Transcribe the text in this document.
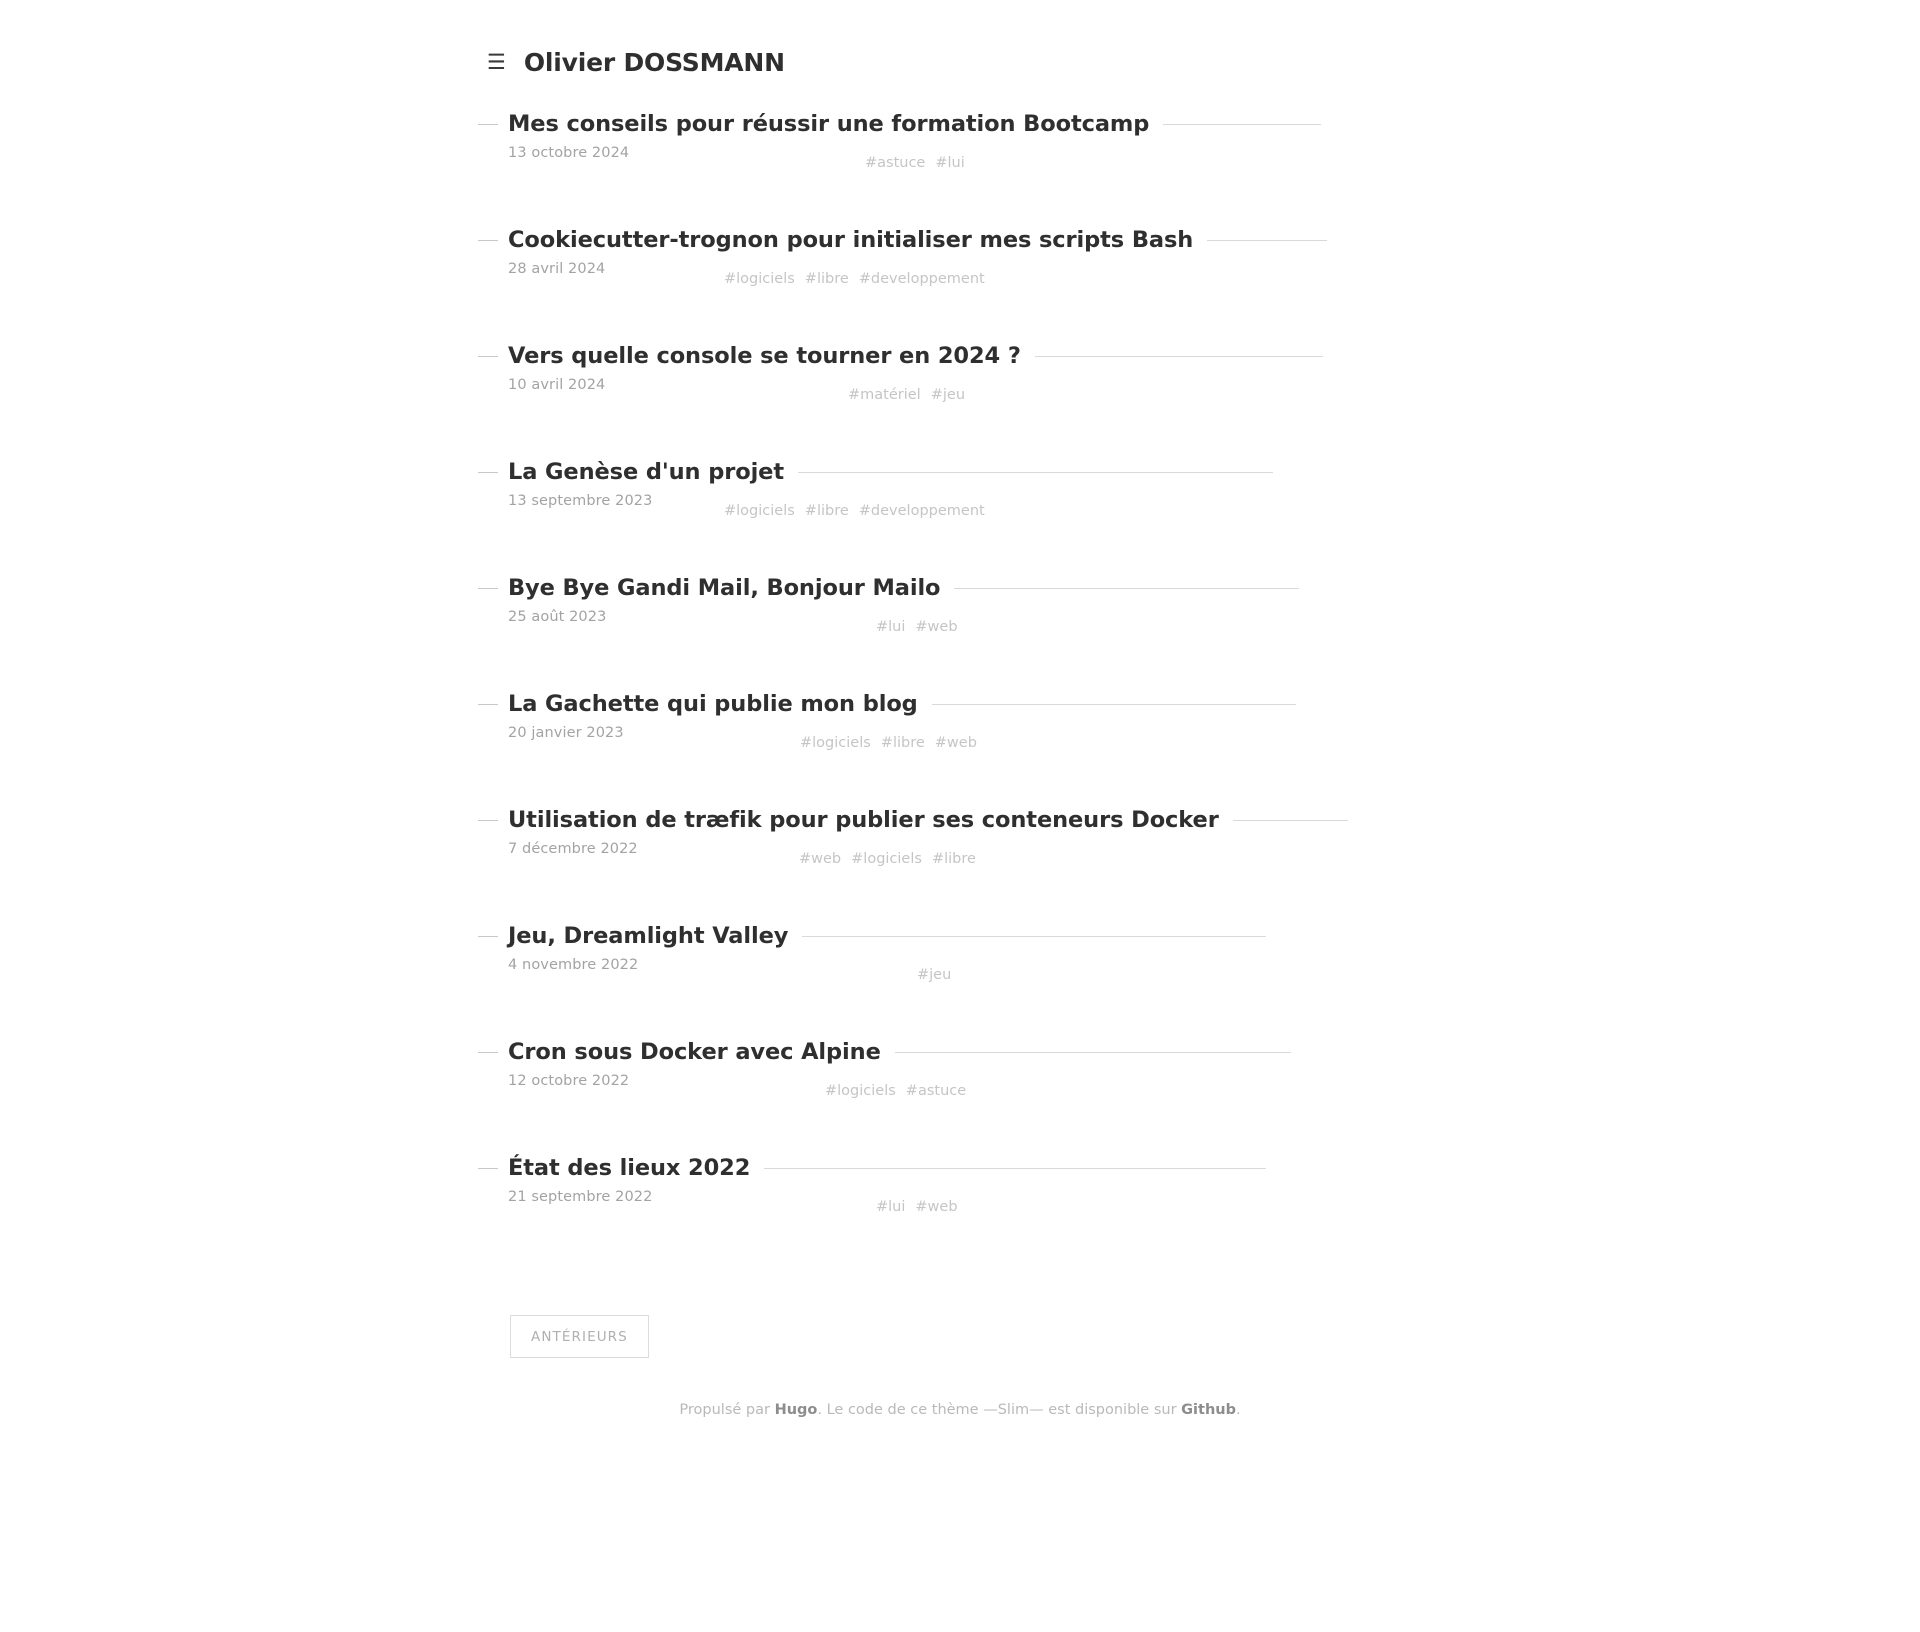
☰ Olivier DOSSMANN
Mes conseils pour réussir une formation Bootcamp
13 octobre 2024
#astuce #lui
Cookiecutter-trognon pour initialiser mes scripts Bash
28 avril 2024
#logiciels #libre #developpement
Vers quelle console se tourner en 2024 ?
10 avril 2024
#matériel #jeu
La Genèse d'un projet
13 septembre 2023
#logiciels #libre #developpement
Bye Bye Gandi Mail, Bonjour Mailo
25 août 2023
#lui #web
La Gachette qui publie mon blog
20 janvier 2023
#logiciels #libre #web
Utilisation de træfik pour publier ses conteneurs Docker
7 décembre 2022
#web #logiciels #libre
Jeu, Dreamlight Valley
4 novembre 2022
#jeu
Cron sous Docker avec Alpine
12 octobre 2022
#logiciels #astuce
État des lieux 2022
21 septembre 2022
#lui #web
ANTÉRIEURS
Propulsé par Hugo. Le code de ce thème —Slim— est disponible sur Github.
